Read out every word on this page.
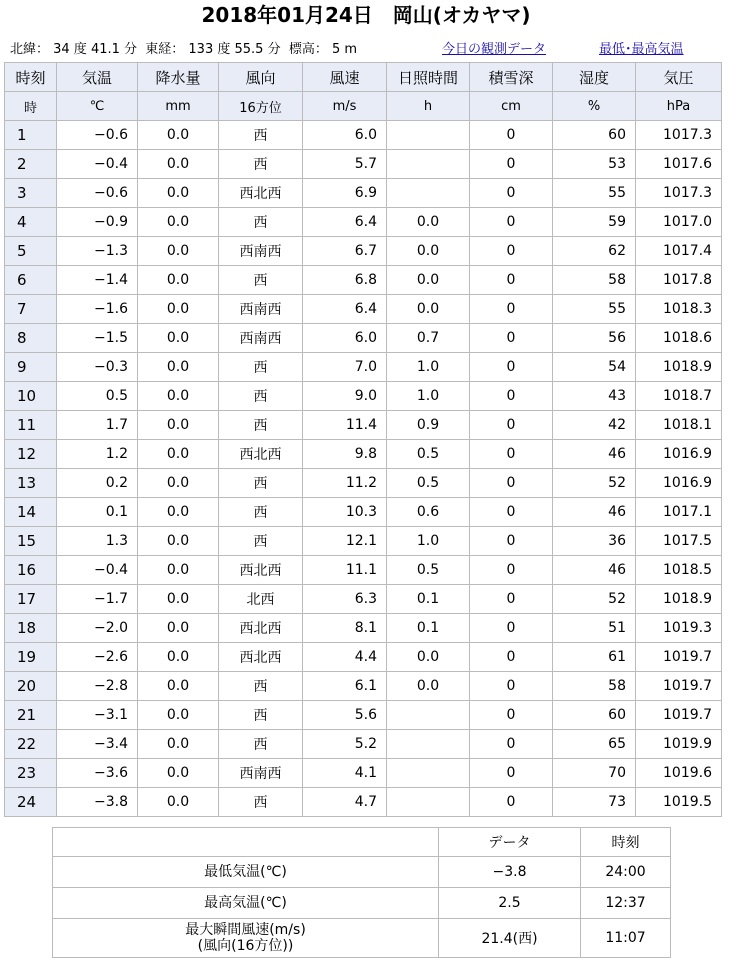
2018年01月24日　岡山(オカヤマ)
北緯： 34 度 41.1 分  東経： 133 度 55.5 分  標高： 5 m	今日の観測データ	最低･最高気温
時刻	気温	降水量	風向	風速	日照時間	積雪深	湿度	気圧
時	℃	mm	16方位	m/s	h	cm	%	hPa
1	−0.6	0.0	西	6.0		0	60	1017.3
2	−0.4	0.0	西	5.7		0	53	1017.6
3	−0.6	0.0	西北西	6.9		0	55	1017.3
4	−0.9	0.0	西	6.4	0.0	0	59	1017.0
5	−1.3	0.0	西南西	6.7	0.0	0	62	1017.4
6	−1.4	0.0	西	6.8	0.0	0	58	1017.8
7	−1.6	0.0	西南西	6.4	0.0	0	55	1018.3
8	−1.5	0.0	西南西	6.0	0.7	0	56	1018.6
9	−0.3	0.0	西	7.0	1.0	0	54	1018.9
10	0.5	0.0	西	9.0	1.0	0	43	1018.7
11	1.7	0.0	西	11.4	0.9	0	42	1018.1
12	1.2	0.0	西北西	9.8	0.5	0	46	1016.9
13	0.2	0.0	西	11.2	0.5	0	52	1016.9
14	0.1	0.0	西	10.3	0.6	0	46	1017.1
15	1.3	0.0	西	12.1	1.0	0	36	1017.5
16	−0.4	0.0	西北西	11.1	0.5	0	46	1018.5
17	−1.7	0.0	北西	6.3	0.1	0	52	1018.9
18	−2.0	0.0	西北西	8.1	0.1	0	51	1019.3
19	−2.6	0.0	西北西	4.4	0.0	0	61	1019.7
20	−2.8	0.0	西	6.1	0.0	0	58	1019.7
21	−3.1	0.0	西	5.6		0	60	1019.7
22	−3.4	0.0	西	5.2		0	65	1019.9
23	−3.6	0.0	西南西	4.1		0	70	1019.6
24	−3.8	0.0	西	4.7		0	73	1019.5
	データ	時刻
最低気温(℃)	−3.8	24:00
最高気温(℃)	2.5	12:37

最大瞬間風速(m/s)
(風向(16方位))	21.4(西)	11:07
